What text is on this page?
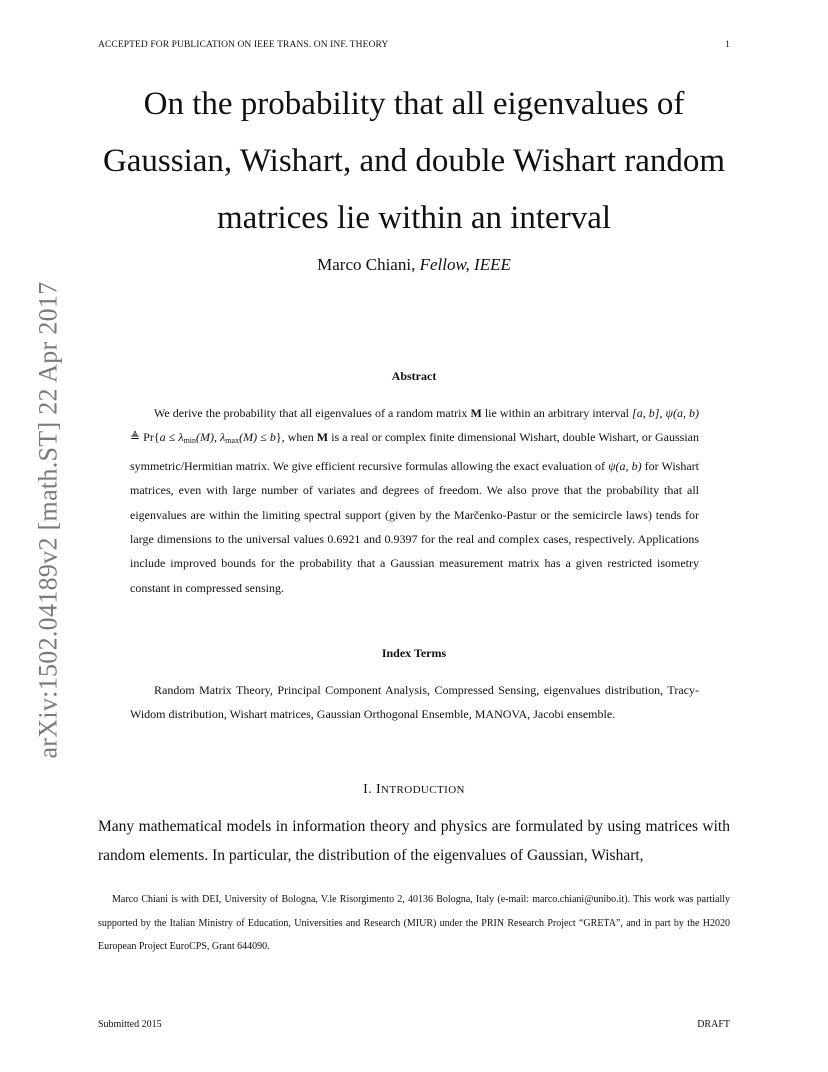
ACCEPTED FOR PUBLICATION ON IEEE TRANS. ON INF. THEORY	1
arXiv:1502.04189v2 [math.ST] 22 Apr 2017
On the probability that all eigenvalues of
Gaussian, Wishart, and double Wishart random
matrices lie within an interval
Marco Chiani, Fellow, IEEE
Abstract
We derive the probability that all eigenvalues of a random matrix M lie within an arbitrary interval [a, b], ψ(a, b) ≜ $Pr\{a \le \lambda_{min}(M)$, $\lambda_{max}(M) \le b$}, when M is a real or complex finite dimensional Wishart, double Wishart, or Gaussian symmetric/Hermitian matrix. We give efficient recursive formulas allowing the exact evaluation of ψ(a, b) for Wishart matrices, even with large number of variates and degrees of freedom. We also prove that the probability that all eigenvalues are within the limiting spectral support (given by the Marčenko-Pastur or the semicircle laws) tends for large dimensions to the universal values 0.6921 and 0.9397 for the real and complex cases, respectively. Applications include improved bounds for the probability that a Gaussian measurement matrix has a given restricted isometry constant in compressed sensing.
Index Terms
Random Matrix Theory, Principal Component Analysis, Compressed Sensing, eigenvalues distribution, Tracy-Widom distribution, Wishart matrices, Gaussian Orthogonal Ensemble, MANOVA, Jacobi ensemble.
I. INTRODUCTION
Many mathematical models in information theory and physics are formulated by using matrices with random elements. In particular, the distribution of the eigenvalues of Gaussian, Wishart,
Marco Chiani is with DEI, University of Bologna, V.le Risorgimento 2, 40136 Bologna, Italy (e-mail: marco.chiani@unibo.it). This work was partially supported by the Italian Ministry of Education, Universities and Research (MIUR) under the PRIN Research Project “GRETA”, and in part by the H2020 European Project EuroCPS, Grant 644090.
Submitted 2015	DRAFT
